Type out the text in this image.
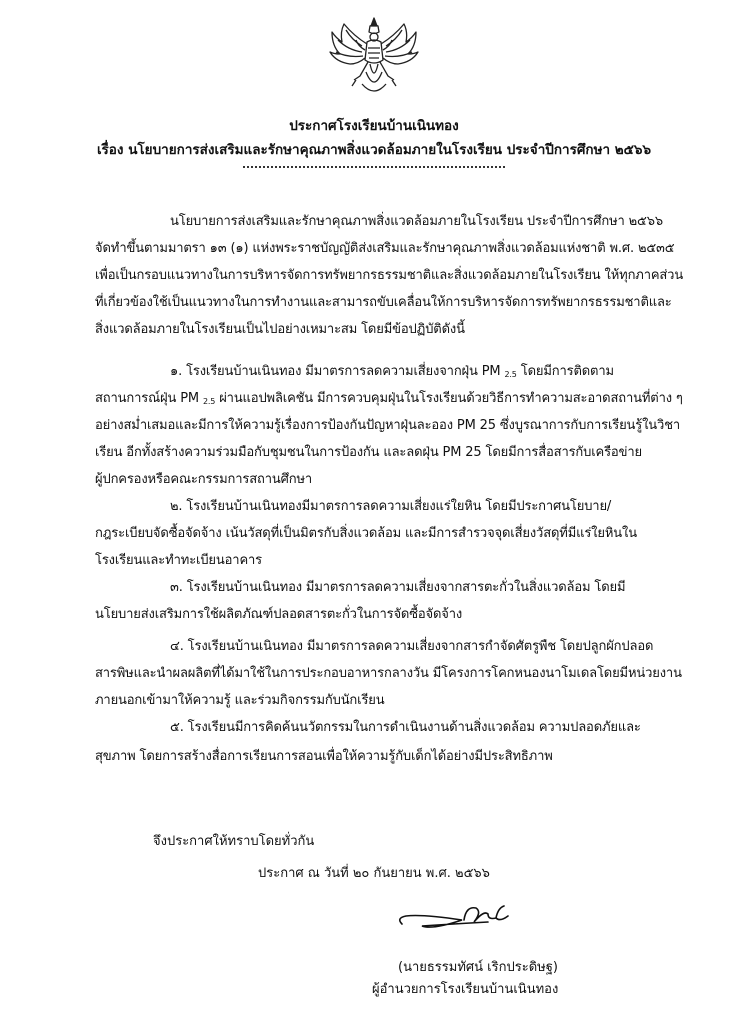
ประกาศโรงเรียนบ้านเนินทอง
เรื่อง นโยบายการส่งเสริมและรักษาคุณภาพสิ่งแวดล้อมภายในโรงเรียน ประจำปีการศึกษา ๒๕๖๖
นโยบายการส่งเสริมและรักษาคุณภาพสิ่งแวดล้อมภายในโรงเรียน ประจำปีการศึกษา ๒๕๖๖
จัดทำขึ้นตามมาตรา ๑๓ (๑) แห่งพระราชบัญญัติส่งเสริมและรักษาคุณภาพสิ่งแวดล้อมแห่งชาติ พ.ศ. ๒๕๓๕
เพื่อเป็นกรอบแนวทางในการบริหารจัดการทรัพยากรธรรมชาติและสิ่งแวดล้อมภายในโรงเรียน ให้ทุกภาคส่วน
ที่เกี่ยวข้องใช้เป็นแนวทางในการทำงานและสามารถขับเคลื่อนให้การบริหารจัดการทรัพยากรธรรมชาติและ
สิ่งแวดล้อมภายในโรงเรียนเป็นไปอย่างเหมาะสม โดยมีข้อปฏิบัติดังนี้
๑. โรงเรียนบ้านเนินทอง มีมาตรการลดความเสี่ยงจากฝุ่น PM $_{2.5}$ โดยมีการติดตาม
สถานการณ์ฝุ่น PM $_{2.5}$ ผ่านแอปพลิเคชัน มีการควบคุมฝุ่นในโรงเรียนด้วยวิธีการทำความสะอาดสถานที่ต่าง ๆ
อย่างสม่ำเสมอและมีการให้ความรู้เรื่องการป้องกันปัญหาฝุ่นละออง PM 25 ซึ่งบูรณาการกับการเรียนรู้ในวิชา
เรียน อีกทั้งสร้างความร่วมมือกับชุมชนในการป้องกัน และลดฝุ่น PM 25 โดยมีการสื่อสารกับเครือข่าย
ผู้ปกครองหรือคณะกรรมการสถานศึกษา
๒. โรงเรียนบ้านเนินทองมีมาตรการลดความเสี่ยงแร่ใยหิน โดยมีประกาศนโยบาย/
กฎระเบียบจัดซื้อจัดจ้าง เน้นวัสดุที่เป็นมิตรกับสิ่งแวดล้อม และมีการสำรวจจุดเสี่ยงวัสดุที่มีแร่ใยหินใน
โรงเรียนและทำทะเบียนอาคาร
๓. โรงเรียนบ้านเนินทอง มีมาตรการลดความเสี่ยงจากสารตะกั่วในสิ่งแวดล้อม โดยมี
นโยบายส่งเสริมการใช้ผลิตภัณฑ์ปลอดสารตะกั่วในการจัดซื้อจัดจ้าง
๔. โรงเรียนบ้านเนินทอง มีมาตรการลดความเสี่ยงจากสารกำจัดศัตรูพืช โดยปลูกผักปลอด
สารพิษและนำผลผลิตที่ได้มาใช้ในการประกอบอาหารกลางวัน มีโครงการโคกหนองนาโมเดลโดยมีหน่วยงาน
ภายนอกเข้ามาให้ความรู้ และร่วมกิจกรรมกับนักเรียน
๕. โรงเรียนมีการคิดค้นนวัตกรรมในการดำเนินงานด้านสิ่งแวดล้อม ความปลอดภัยและ
สุขภาพ โดยการสร้างสื่อการเรียนการสอนเพื่อให้ความรู้กับเด็กได้อย่างมีประสิทธิภาพ
จึงประกาศให้ทราบโดยทั่วกัน
ประกาศ ณ วันที่ ๒๐ กันยายน พ.ศ. ๒๕๖๖
(นายธรรมทัศน์ เริกประดิษฐ)
ผู้อำนวยการโรงเรียนบ้านเนินทอง
